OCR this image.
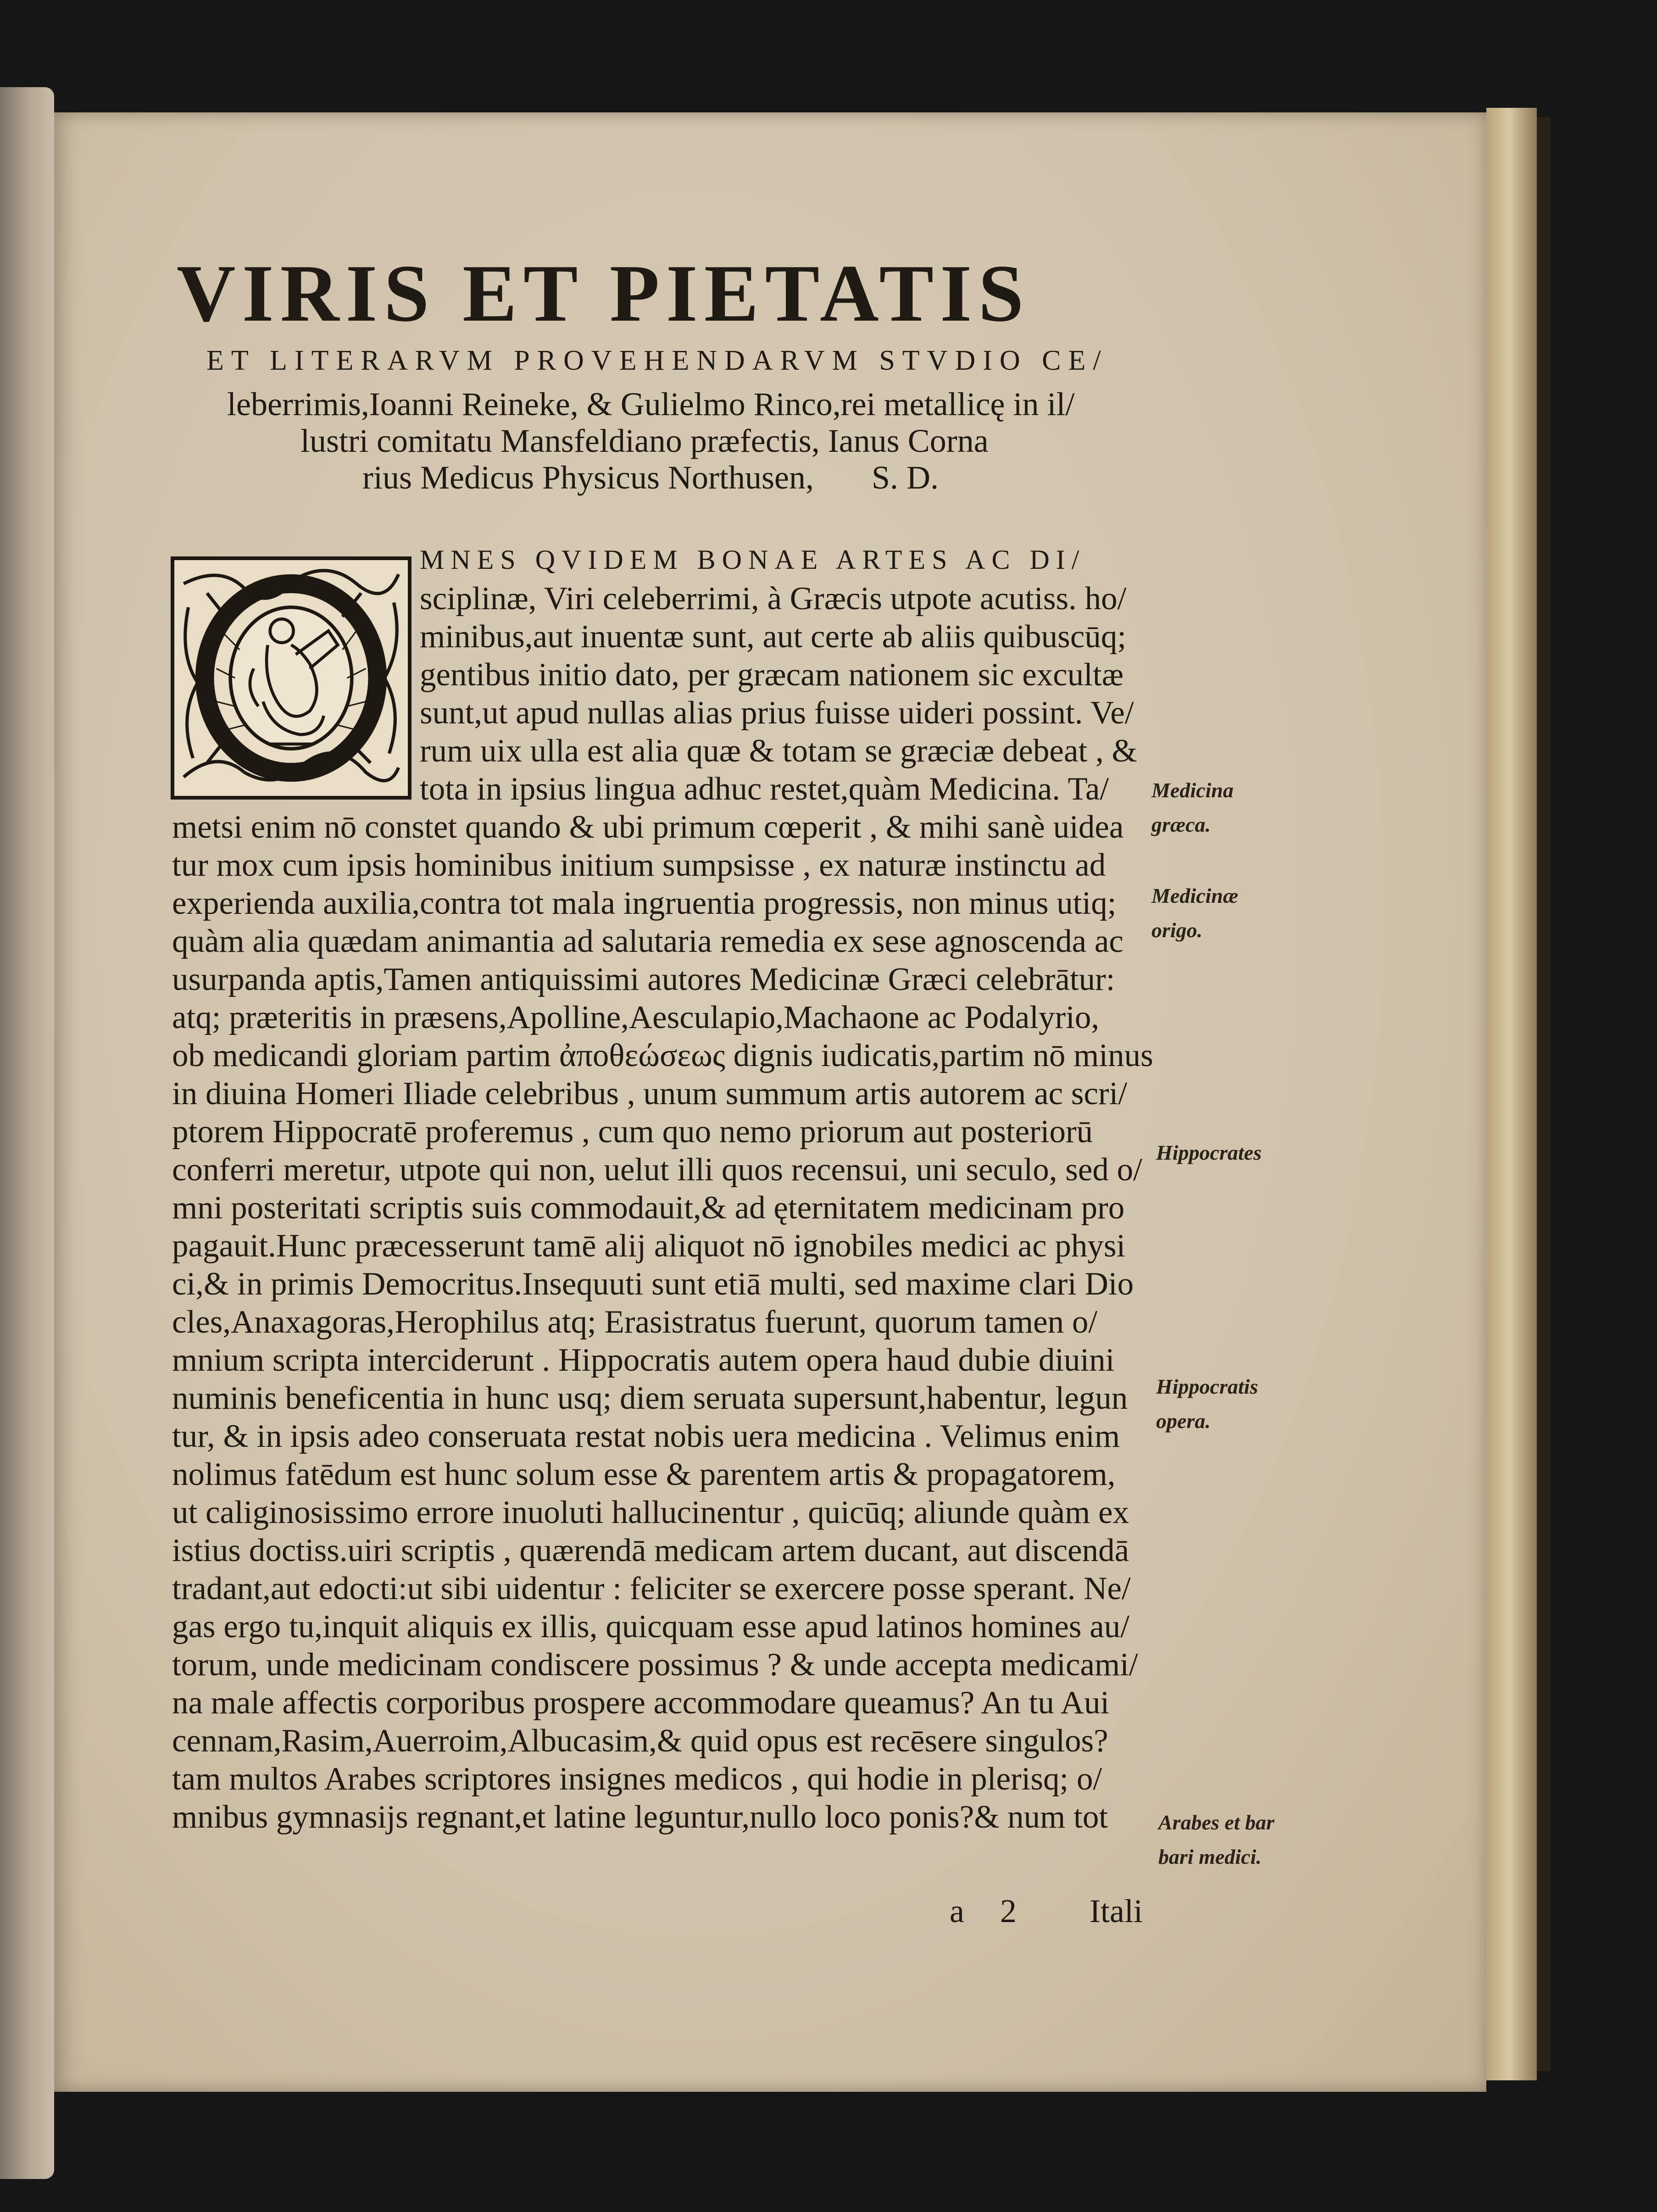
VIRIS ET PIETATIS
ET LITERARVM PROVEHENDARVM STVDIO CE/
leberrimis,Ioanni Reineke, & Gulielmo Rinco,rei metallicę in il/
lustri comitatu Mansfeldiano præfectis, Ianus Corna
rius Medicus Physicus Northusen, S. D.
MNES QVIDEM BONAE ARTES AC DI/
sciplinæ, Viri celeberrimi, à Græcis utpote acutiss. ho/
minibus,aut inuentæ sunt, aut certe ab aliis quibuscūq;
gentibus initio dato, per græcam nationem sic excultæ
sunt,ut apud nullas alias prius fuisse uideri possint. Ve/
rum uix ulla est alia quæ & totam se græciæ debeat , &
tota in ipsius lingua adhuc restet,quàm Medicina. Ta/
metsi enim nō constet quando & ubi primum cœperit , & mihi sanè uidea
tur mox cum ipsis hominibus initium sumpsisse , ex naturæ instinctu ad
experienda auxilia,contra tot mala ingruentia progressis, non minus utiq;
quàm alia quædam animantia ad salutaria remedia ex sese agnoscenda ac
usurpanda aptis,Tamen antiquissimi autores Medicinæ Græci celebrātur:
atq; præteritis in præsens,Apolline,Aesculapio,Machaone ac Podalyrio,
ob medicandi gloriam partim ἀποθεώσεως dignis iudicatis,partim nō minus
in diuina Homeri Iliade celebribus , unum summum artis autorem ac scri/
ptorem Hippocratē proferemus , cum quo nemo priorum aut posteriorū
conferri meretur, utpote qui non, uelut illi quos recensui, uni seculo, sed o/
mni posteritati scriptis suis commodauit,& ad ęternitatem medicinam pro
pagauit.Hunc præcesserunt tamē alij aliquot nō ignobiles medici ac physi
ci,& in primis Democritus.Insequuti sunt etiā multi, sed maxime clari Dio
cles,Anaxagoras,Herophilus atq; Erasistratus fuerunt, quorum tamen o/
mnium scripta interciderunt . Hippocratis autem opera haud dubie diuini
numinis beneficentia in hunc usq; diem seruata supersunt,habentur, legun
tur, & in ipsis adeo conseruata restat nobis uera medicina . Velimus enim
nolimus fatēdum est hunc solum esse & parentem artis & propagatorem,
ut caliginosissimo errore inuoluti hallucinentur , quicūq; aliunde quàm ex
istius doctiss.uiri scriptis , quærendā medicam artem ducant, aut discendā
tradant,aut edocti:ut sibi uidentur : feliciter se exercere posse sperant. Ne/
gas ergo tu,inquit aliquis ex illis, quicquam esse apud latinos homines au/
torum, unde medicinam condiscere possimus ? & unde accepta medicami/
na male affectis corporibus prospere accommodare queamus? An tu Aui
cennam,Rasim,Auerroim,Albucasim,& quid opus est recēsere singulos?
tam multos Arabes scriptores insignes medicos , qui hodie in plerisq; o/
mnibus gymnasijs regnant,et latine leguntur,nullo loco ponis?& num tot
Medicina
græca.
Medicinæ
origo.
Hippocrates
Hippocratis
opera.
Arabes et bar
bari medici.
a 2 Itali
